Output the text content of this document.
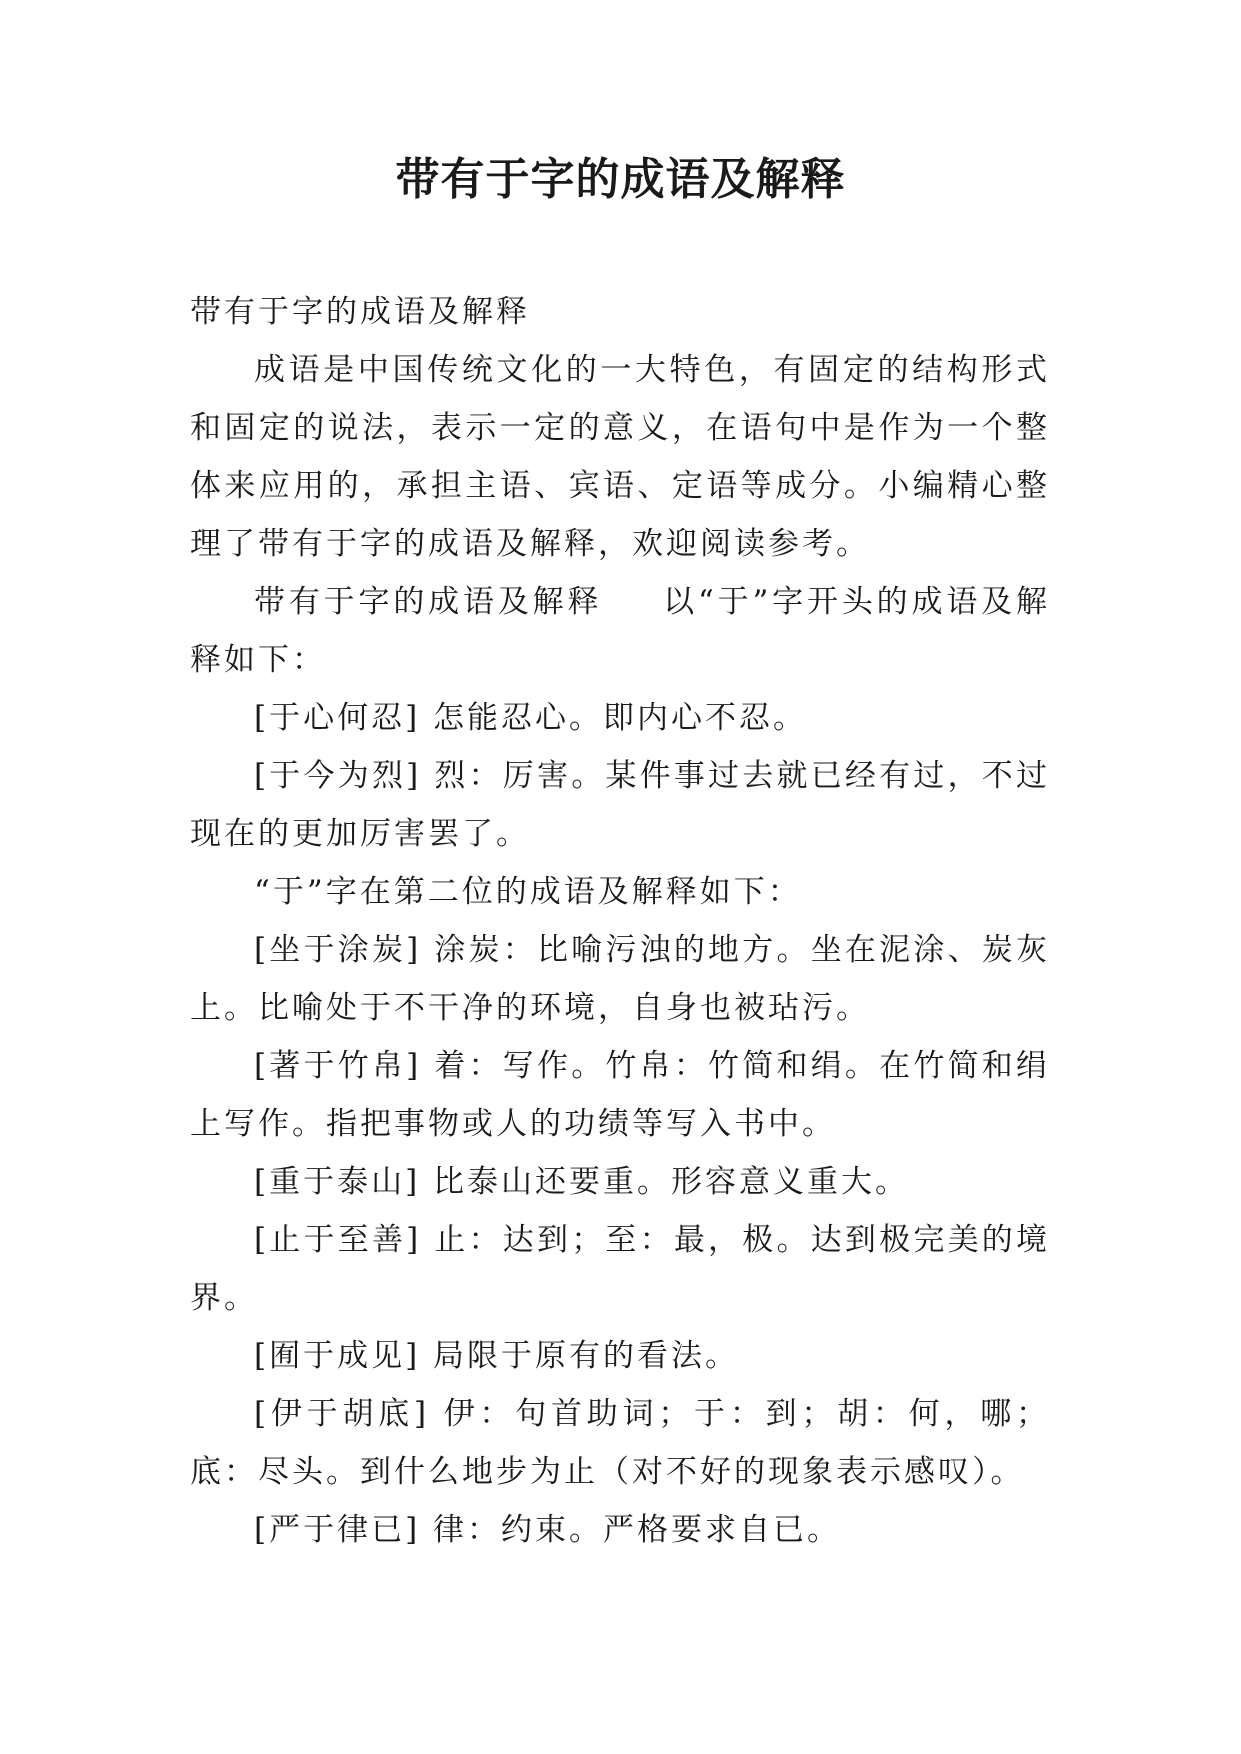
带有于字的成语及解释

带有于字的成语及解释

成语是中国传统文化的一大特色，有固定的结构形式和固定的说法，表示一定的意义，在语句中是作为一个整体来应用的，承担主语、宾语、定语等成分。小编精心整理了带有于字的成语及解释，欢迎阅读参考。

带有于字的成语及解释 以“于”字开头的成语及解释如下：

[于心何忍] 怎能忍心。即内心不忍。

[于今为烈] 烈：厉害。某件事过去就已经有过，不过现在的更加厉害罢了。

“于”字在第二位的成语及解释如下：

[坐于涂炭] 涂炭：比喻污浊的地方。坐在泥涂、炭灰上。比喻处于不干净的环境，自身也被玷污。

[著于竹帛] 着：写作。竹帛：竹简和绢。在竹简和绢上写作。指把事物或人的功绩等写入书中。

[重于泰山] 比泰山还要重。形容意义重大。

[止于至善] 止：达到；至：最，极。达到极完美的境界。

[囿于成见] 局限于原有的看法。

[伊于胡底] 伊：句首助词；于：到；胡：何，哪；底：尽头。到什么地步为止（对不好的现象表示感叹）。

[严于律已] 律：约束。严格要求自已。
